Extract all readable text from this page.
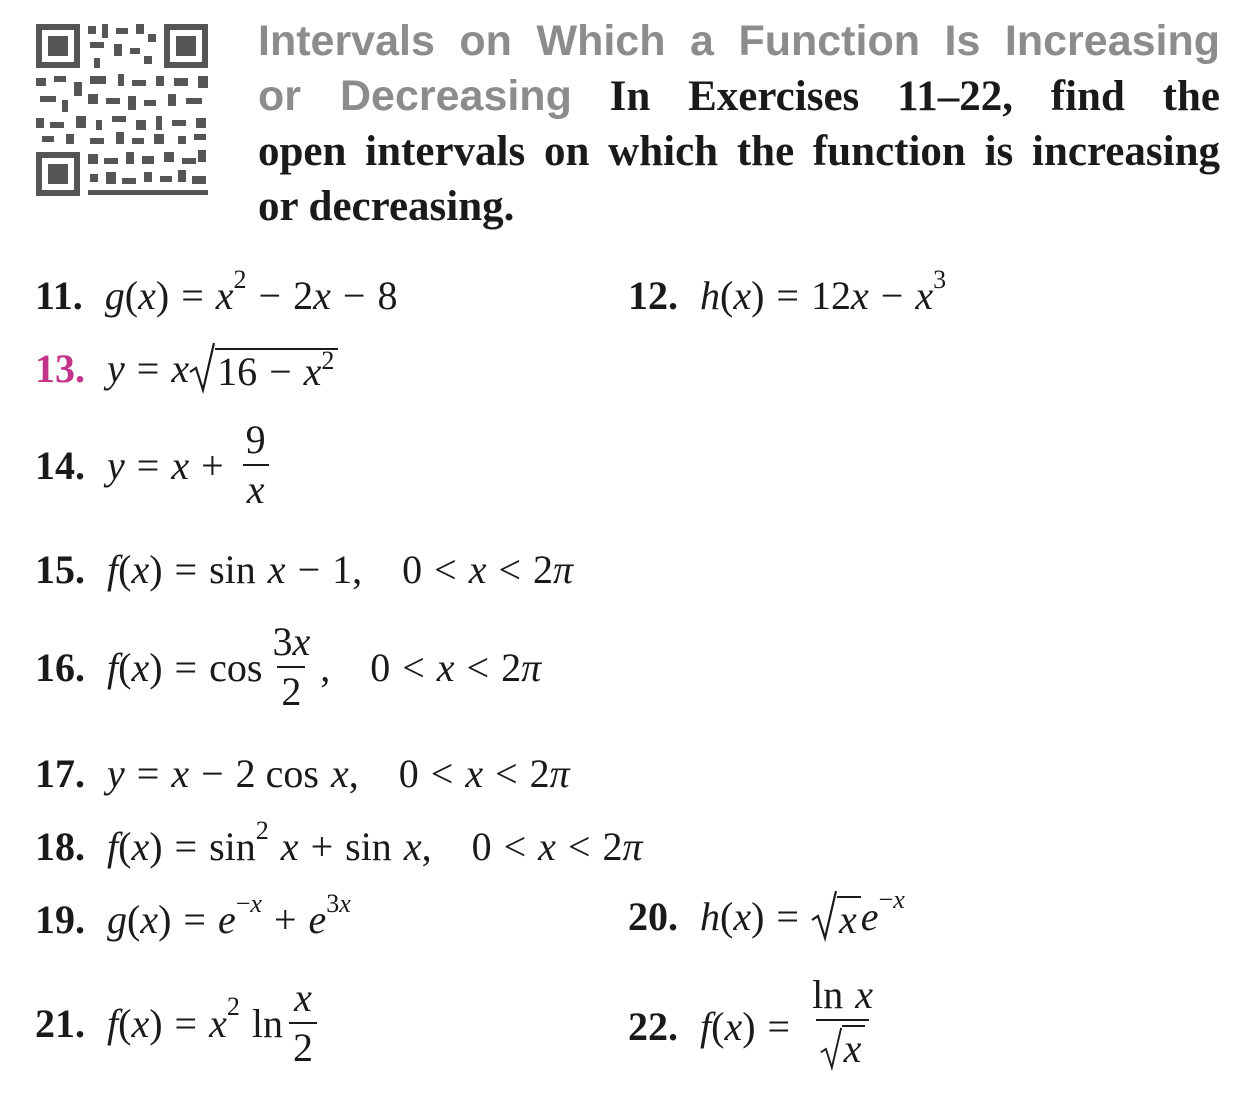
Intervals on Which a Function Is Increasing
or Decreasing In Exercises 11–22, find the
open intervals on which the function is increasing
or decreasing.
11. g ( x ) = $x^2 - 2$ x − 8	12. h ( x ) = 12 $x - x^3$
13. y = x $16 - x^2$
14. $y = x + \frac{9}{x}$
15. f ( x ) = sin x − 1, 0 < x < 2 π
16. f ( x ) = $\cos \frac{3x}{2}$ , 0 < x < 2 π
17. y = x − 2 cos x , 0 < x < 2 π
18. f ( x ) = $\sin^2 x + \sin x$ , 0 < x < 2 π
19. g ( x ) = e $^{-x} + e^{3x}$	20. h ( x ) = x e $^{-x}$
21. f ( x ) = $x^2$ $\ln \frac{x}{2}$	22. f ( x ) = $\frac{\text{ln x}}{x}$
